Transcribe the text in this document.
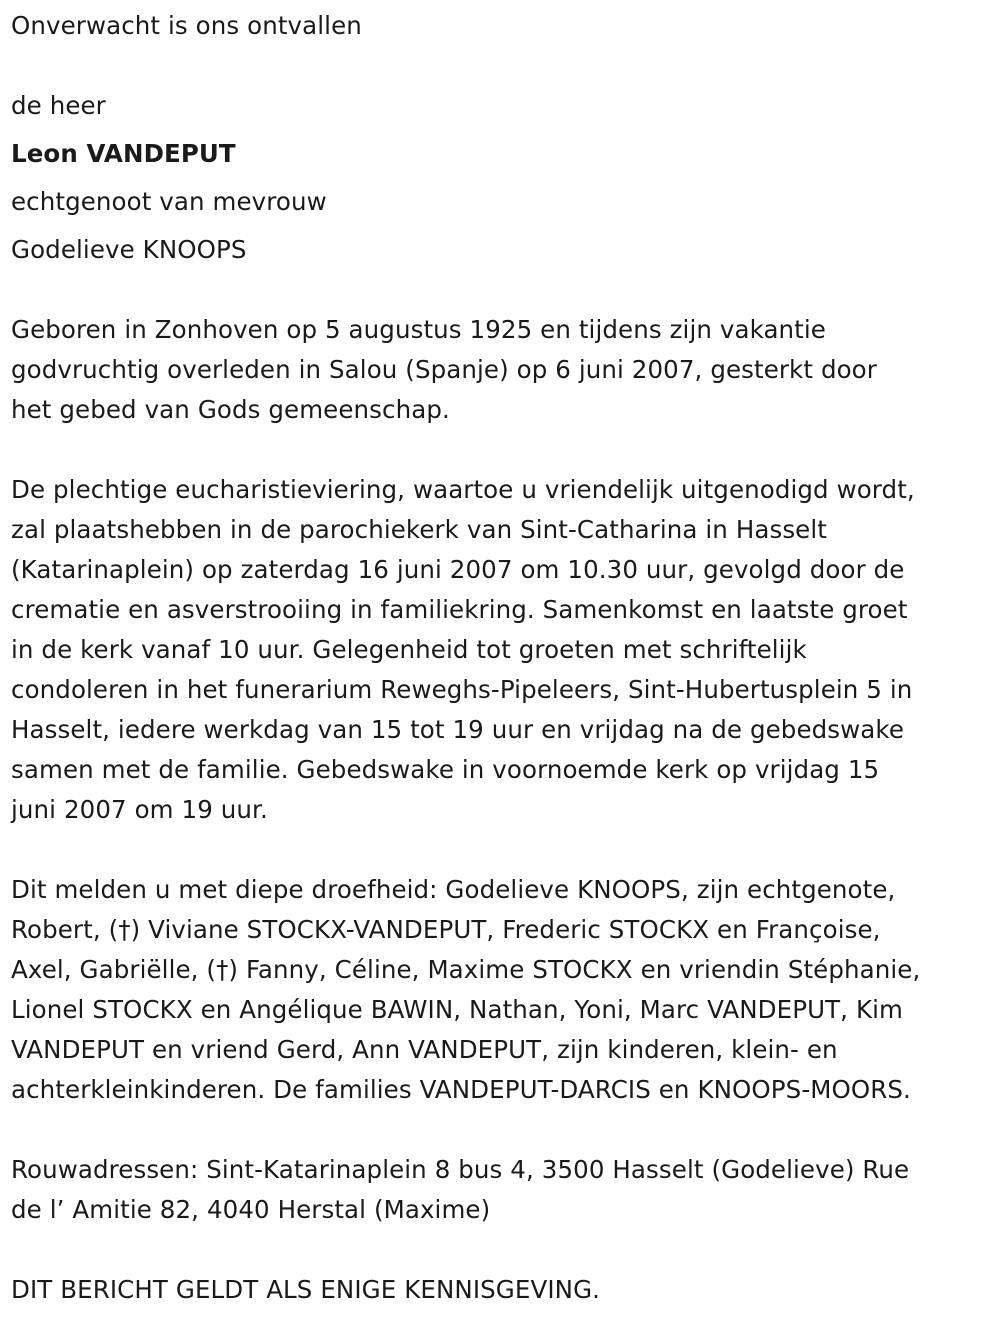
Onverwacht is ons ontvallen
de heer
Leon VANDEPUT
echtgenoot van mevrouw
Godelieve KNOOPS
Geboren in Zonhoven op 5 augustus 1925 en tijdens zijn vakantie
godvruchtig overleden in Salou (Spanje) op 6 juni 2007, gesterkt door
het gebed van Gods gemeenschap.
De plechtige eucharistieviering, waartoe u vriendelijk uitgenodigd wordt,
zal plaatshebben in de parochiekerk van Sint-Catharina in Hasselt
(Katarinaplein) op zaterdag 16 juni 2007 om 10.30 uur, gevolgd door de
crematie en asverstrooiing in familiekring. Samenkomst en laatste groet
in de kerk vanaf 10 uur. Gelegenheid tot groeten met schriftelijk
condoleren in het funerarium Reweghs-Pipeleers, Sint-Hubertusplein 5 in
Hasselt, iedere werkdag van 15 tot 19 uur en vrijdag na de gebedswake
samen met de familie. Gebedswake in voornoemde kerk op vrijdag 15
juni 2007 om 19 uur.
Dit melden u met diepe droefheid: Godelieve KNOOPS, zijn echtgenote,
Robert, (†) Viviane STOCKX-VANDEPUT, Frederic STOCKX en Françoise,
Axel, Gabriëlle, (†) Fanny, Céline, Maxime STOCKX en vriendin Stéphanie,
Lionel STOCKX en Angélique BAWIN, Nathan, Yoni, Marc VANDEPUT, Kim
VANDEPUT en vriend Gerd, Ann VANDEPUT, zijn kinderen, klein- en
achterkleinkinderen. De families VANDEPUT-DARCIS en KNOOPS-MOORS.
Rouwadressen: Sint-Katarinaplein 8 bus 4, 3500 Hasselt (Godelieve) Rue
de l’ Amitie 82, 4040 Herstal (Maxime)
DIT BERICHT GELDT ALS ENIGE KENNISGEVING.
